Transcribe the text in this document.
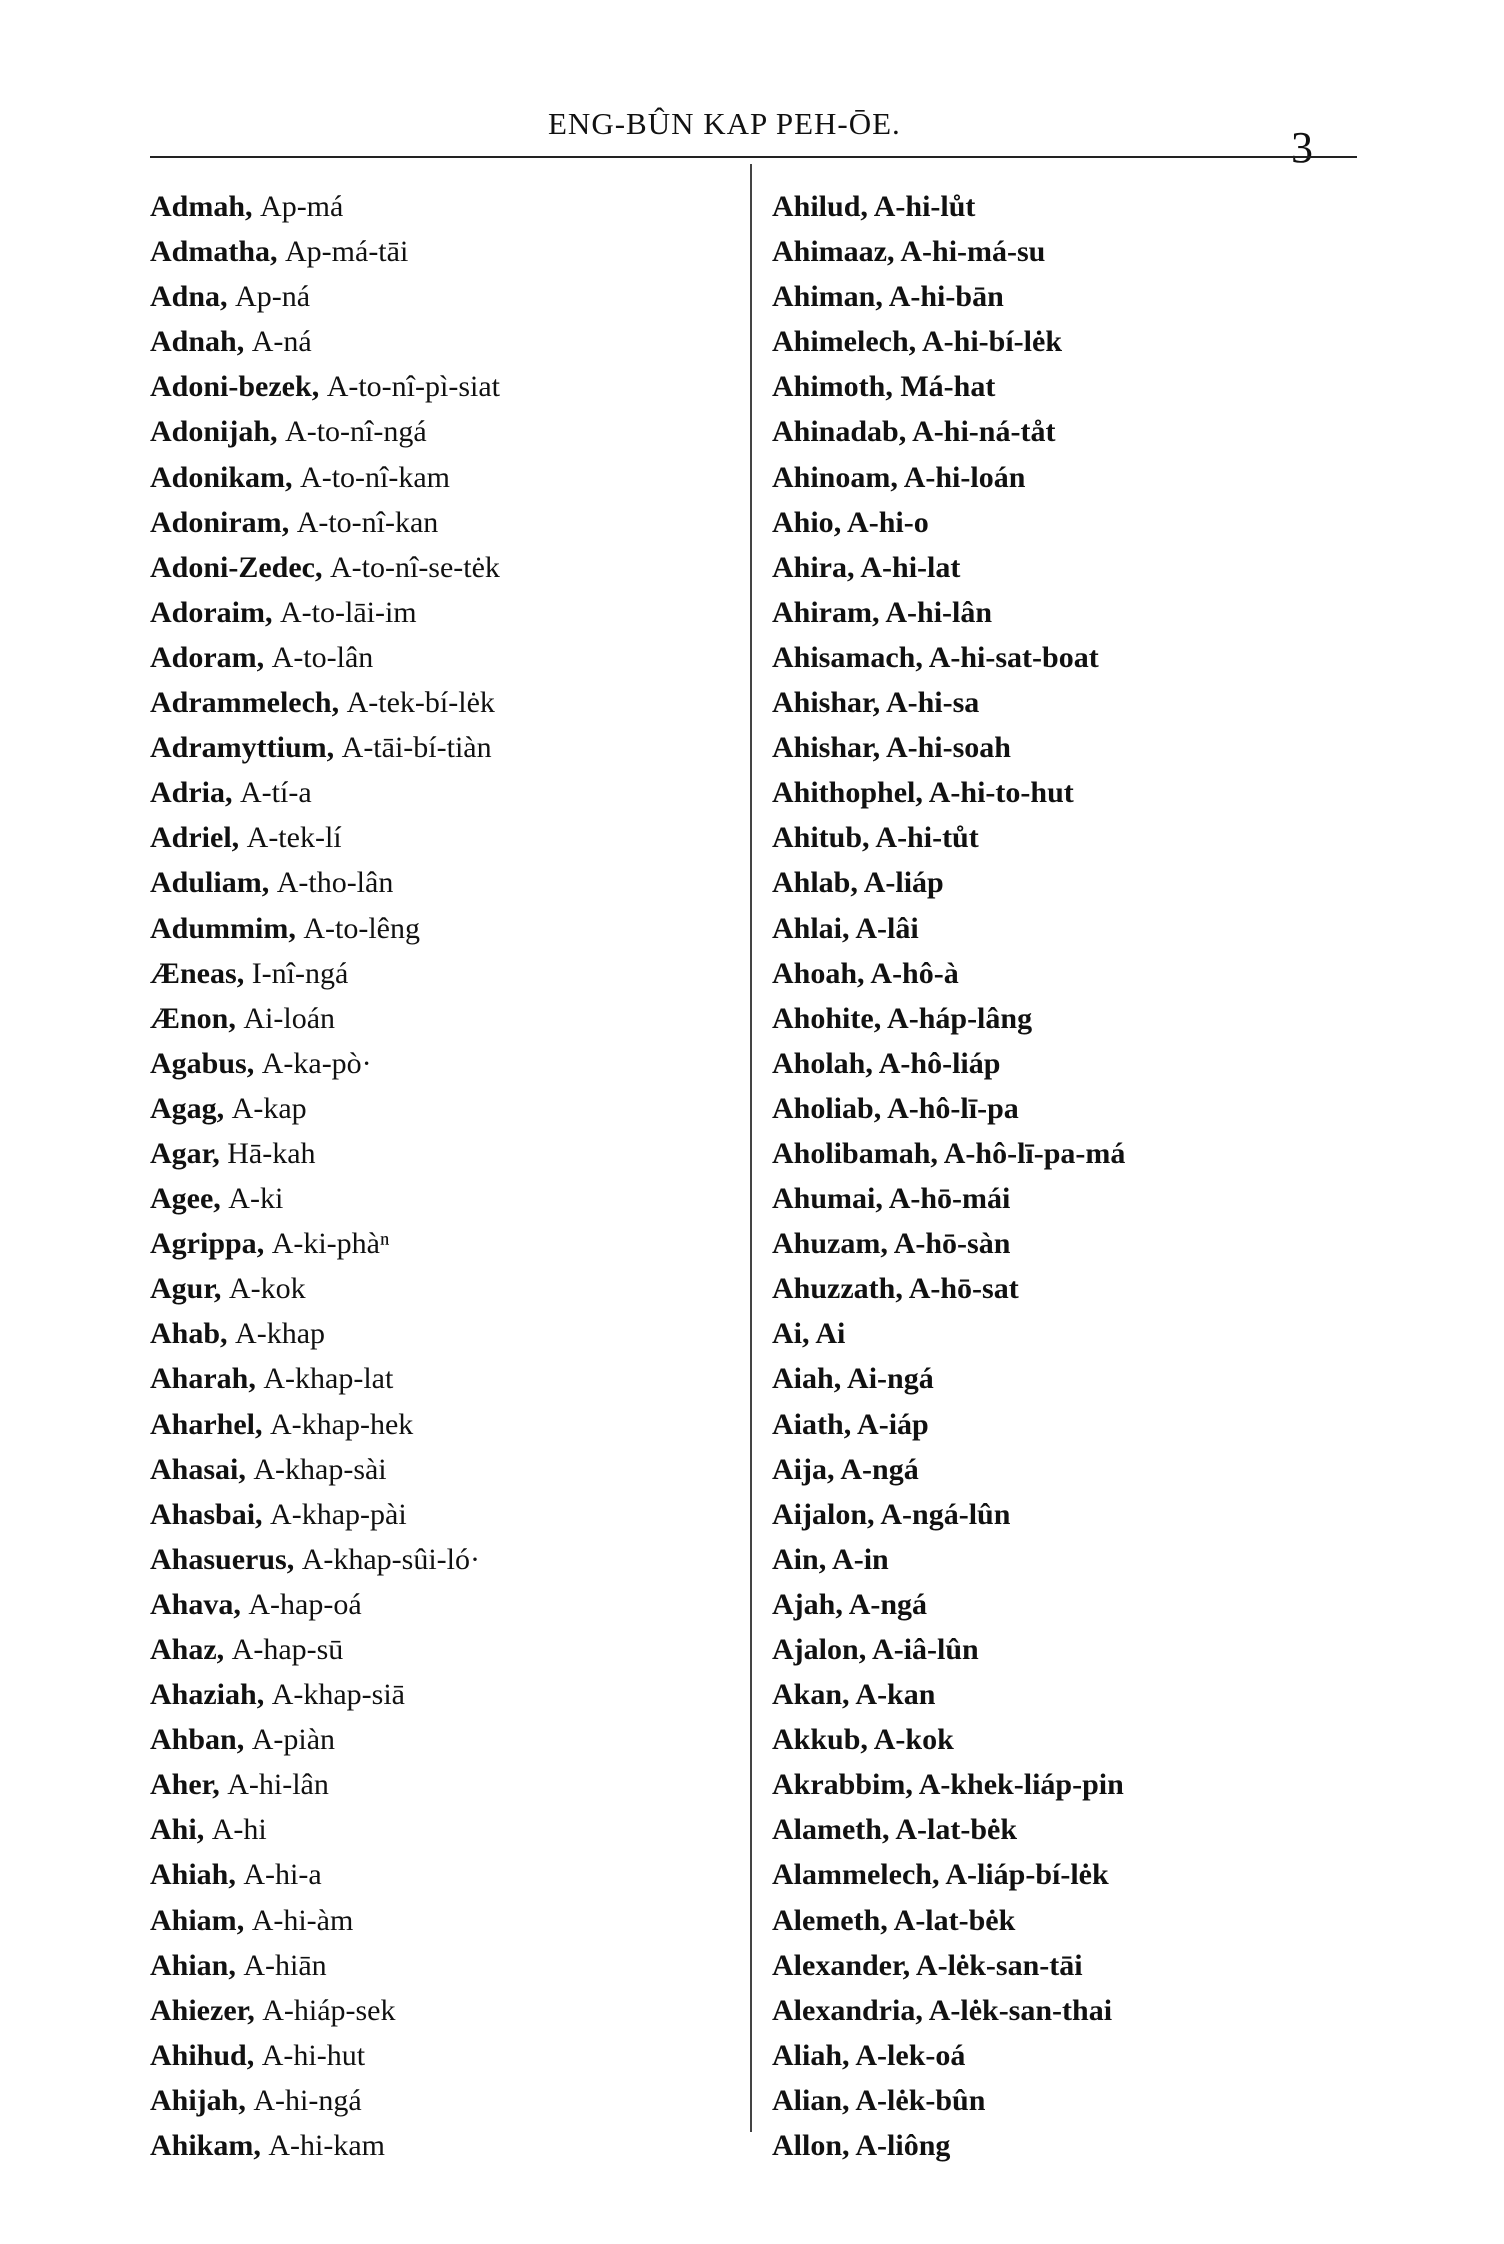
ENG-BÛN KAP PEH-ŌE.	3
Admah, Ap-má
Admatha, Ap-má-tāi
Adna, Ap-ná
Adnah, A-ná
Adoni-bezek, A-to-nî-pì-siat
Adonijah, A-to-nî-ngá
Adonikam, A-to-nî-kam
Adoniram, A-to-nî-kan
Adoni-Zedec, A-to-nî-se-tėk
Adoraim, A-to-lāi-im
Adoram, A-to-lân
Adrammelech, A-tek-bí-lėk
Adramyttium, A-tāi-bí-tiàn
Adria, A-tí-a
Adriel, A-tek-lí
Aduliam, A-tho-lân
Adummim, A-to-lêng
Æneas, I-nî-ngá
Ænon, Ai-loán
Agabus, A-ka-pò·
Agag, A-kap
Agar, Hā-kah
Agee, A-ki
Agrippa, A-ki-phàⁿ
Agur, A-kok
Ahab, A-khap
Aharah, A-khap-lat
Aharhel, A-khap-hek
Ahasai, A-khap-sài
Ahasbai, A-khap-pài
Ahasuerus, A-khap-sûi-ló·
Ahava, A-hap-oá
Ahaz, A-hap-sū
Ahaziah, A-khap-siā
Ahban, A-piàn
Aher, A-hi-lân
Ahi, A-hi
Ahiah, A-hi-a
Ahiam, A-hi-àm
Ahian, A-hiān
Ahiezer, A-hiáp-sek
Ahihud, A-hi-hut
Ahijah, A-hi-ngá
Ahikam, A-hi-kam
Ahilud, A-hi-lůt
Ahimaaz, A-hi-má-su
Ahiman, A-hi-bān
Ahimelech, A-hi-bí-lėk
Ahimoth, Má-hat
Ahinadab, A-hi-ná-tåt
Ahinoam, A-hi-loán
Ahio, A-hi-o
Ahira, A-hi-lat
Ahiram, A-hi-lân
Ahisamach, A-hi-sat-boat
Ahishar, A-hi-sa
Ahishar, A-hi-soah
Ahithophel, A-hi-to-hut
Ahitub, A-hi-tůt
Ahlab, A-liáp
Ahlai, A-lâi
Ahoah, A-hô-à
Ahohite, A-háp-lâng
Aholah, A-hô-liáp
Aholiab, A-hô-lī-pa
Aholibamah, A-hô-lī-pa-má
Ahumai, A-hō-mái
Ahuzam, A-hō-sàn
Ahuzzath, A-hō-sat
Ai, Ai
Aiah, Ai-ngá
Aiath, A-iáp
Aija, A-ngá
Aijalon, A-ngá-lûn
Ain, A-in
Ajah, A-ngá
Ajalon, A-iâ-lûn
Akan, A-kan
Akkub, A-kok
Akrabbim, A-khek-liáp-pin
Alameth, A-lat-bėk
Alammelech, A-liáp-bí-lėk
Alemeth, A-lat-bėk
Alexander, A-lėk-san-tāi
Alexandria, A-lėk-san-thai
Aliah, A-lek-oá
Alian, A-lėk-bûn
Allon, A-liông
